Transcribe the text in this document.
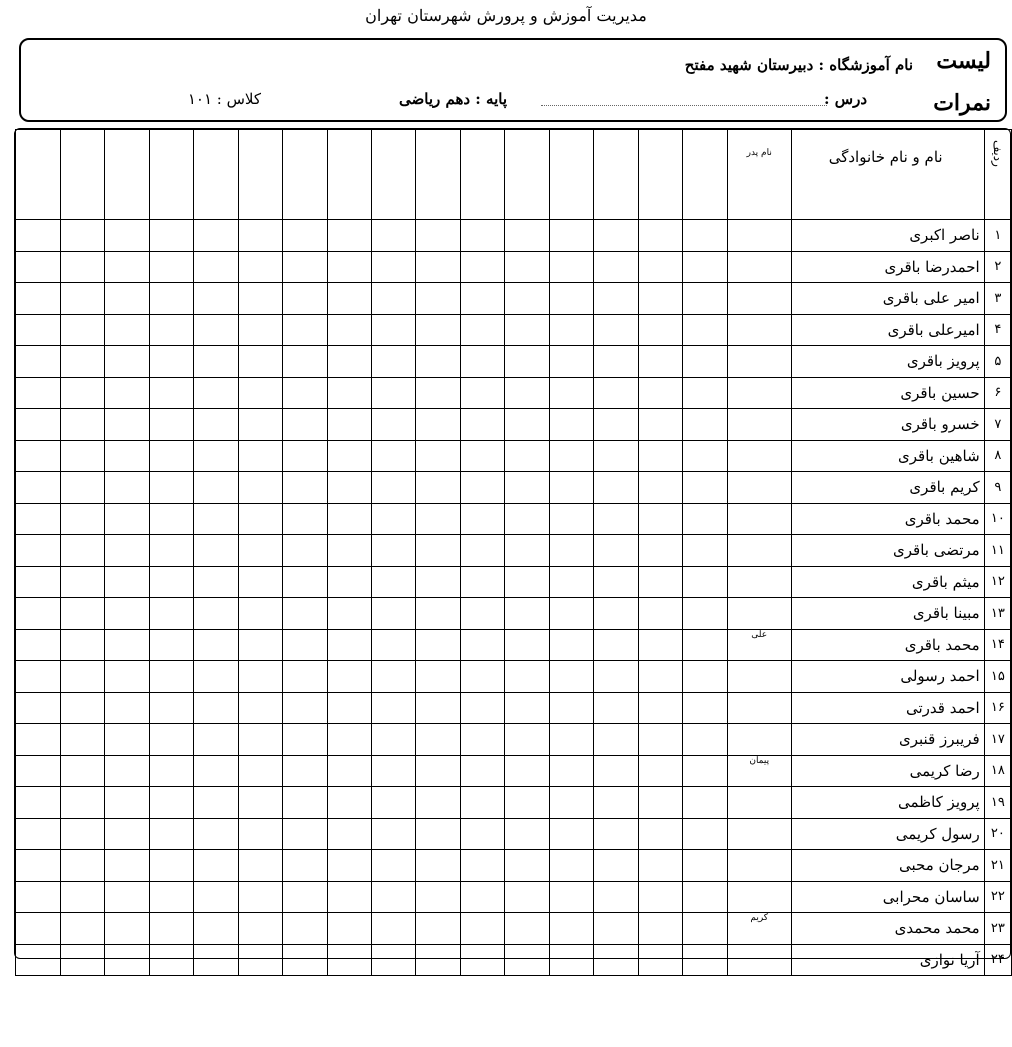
مدیریت آموزش و پرورش شهرستان تهران
لیست
نمرات
نام آموزشگاه : دبیرستان شهید مفتح
درس :
پایه : دهم ریاضی
کلاس : ۱۰۱
ردیف	نام و نام خانوادگی	نام پدر																
۱	ناصر اکبری																	
۲	احمدرضا باقری																	
۳	امیر علی باقری																	
۴	امیرعلی باقری																	
۵	پرویز باقری																	
۶	حسین باقری																	
۷	خسرو باقری																	
۸	شاهین باقری																	
۹	کریم باقری																	
۱۰	محمد باقری																	
۱۱	مرتضی باقری																	
۱۲	میثم باقری																	
۱۳	مبینا باقری																	
۱۴	محمد باقری	علی																
۱۵	احمد رسولی																	
۱۶	احمد قدرتی																	
۱۷	فریبرز قنبری																	
۱۸	رضا کریمی	پیمان																
۱۹	پرویز کاظمی																	
۲۰	رسول کریمی																	
۲۱	مرجان محبی																	
۲۲	ساسان محرابی																	
۲۳	محمد محمدی	کریم																
۲۴	آریا نوازی																	
